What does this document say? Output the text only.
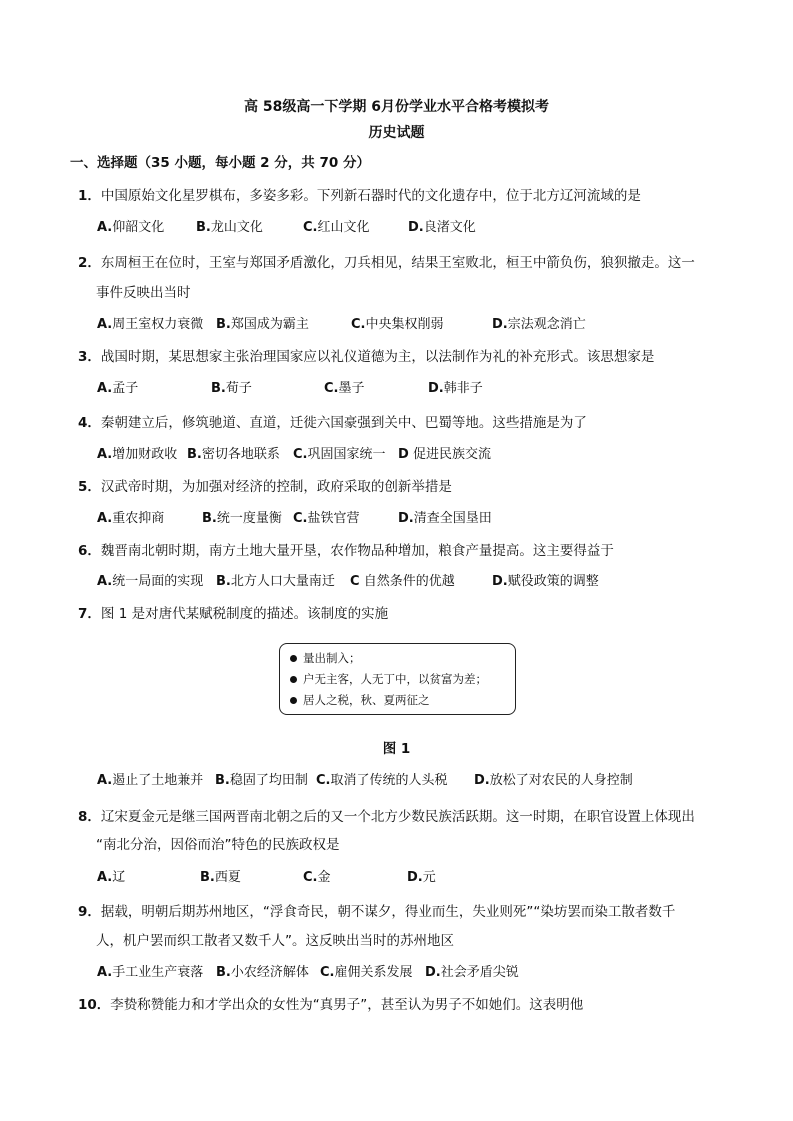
高 58级高一下学期 6月份学业水平合格考模拟考
历史试题
一、选择题（35 小题，每小题 2 分，共 70 分）
1．中国原始文化星罗棋布，多姿多彩。下列新石器时代的文化遗存中，位于北方辽河流域的是
A.仰韶文化 B.龙山文化	C.红山文化	D.良渚文化
2．东周桓王在位时，王室与郑国矛盾激化，刀兵相见，结果王室败北，桓王中箭负伤，狼狈撤走。这一
事件反映出当时
A.周王室权力衰微 B.郑国成为霸主	C.中央集权削弱	D.宗法观念消亡
3．战国时期，某思想家主张治理国家应以礼仪道德为主，以法制作为礼的补充形式。该思想家是
A.孟子	B.荀子	C.墨子	D.韩非子
4．秦朝建立后，修筑驰道、直道，迁徙六国豪强到关中、巴蜀等地。这些措施是为了
A.增加财政收 B.密切各地联系 C.巩固国家统一 D 促进民族交流
5．汉武帝时期，为加强对经济的控制，政府采取的创新举措是
A.重农抑商	B.统一度量衡 C.盐铁官营	D.清查全国垦田
6．魏晋南北朝时期，南方土地大量开垦，农作物品种增加，粮食产量提高。这主要得益于
A.统一局面的实现 B.北方人口大量南迁 C 自然条件的优越	D.赋役政策的调整
7．图 1 是对唐代某赋税制度的描述。该制度的实施
量出制入；
户无主客，人无丁中，以贫富为差；
居人之税，秋、夏两征之
图 1
A.遏止了土地兼并 B.稳固了均田制 C.取消了传统的人头税 D.放松了对农民的人身控制
8．辽宋夏金元是继三国两晋南北朝之后的又一个北方少数民族活跃期。这一时期，在职官设置上体现出
“南北分治，因俗而治”特色的民族政权是
A.辽	B.西夏	C.金	D.元
9．据载，明朝后期苏州地区，“浮食奇民，朝不谋夕，得业而生，失业则死”“染坊罢而染工散者数千
人，机户罢而织工散者又数千人”。这反映出当时的苏州地区
A.手工业生产衰落 B.小农经济解体 C.雇佣关系发展 D.社会矛盾尖锐
10．李贽称赞能力和才学出众的女性为“真男子”，甚至认为男子不如她们。这表明他
